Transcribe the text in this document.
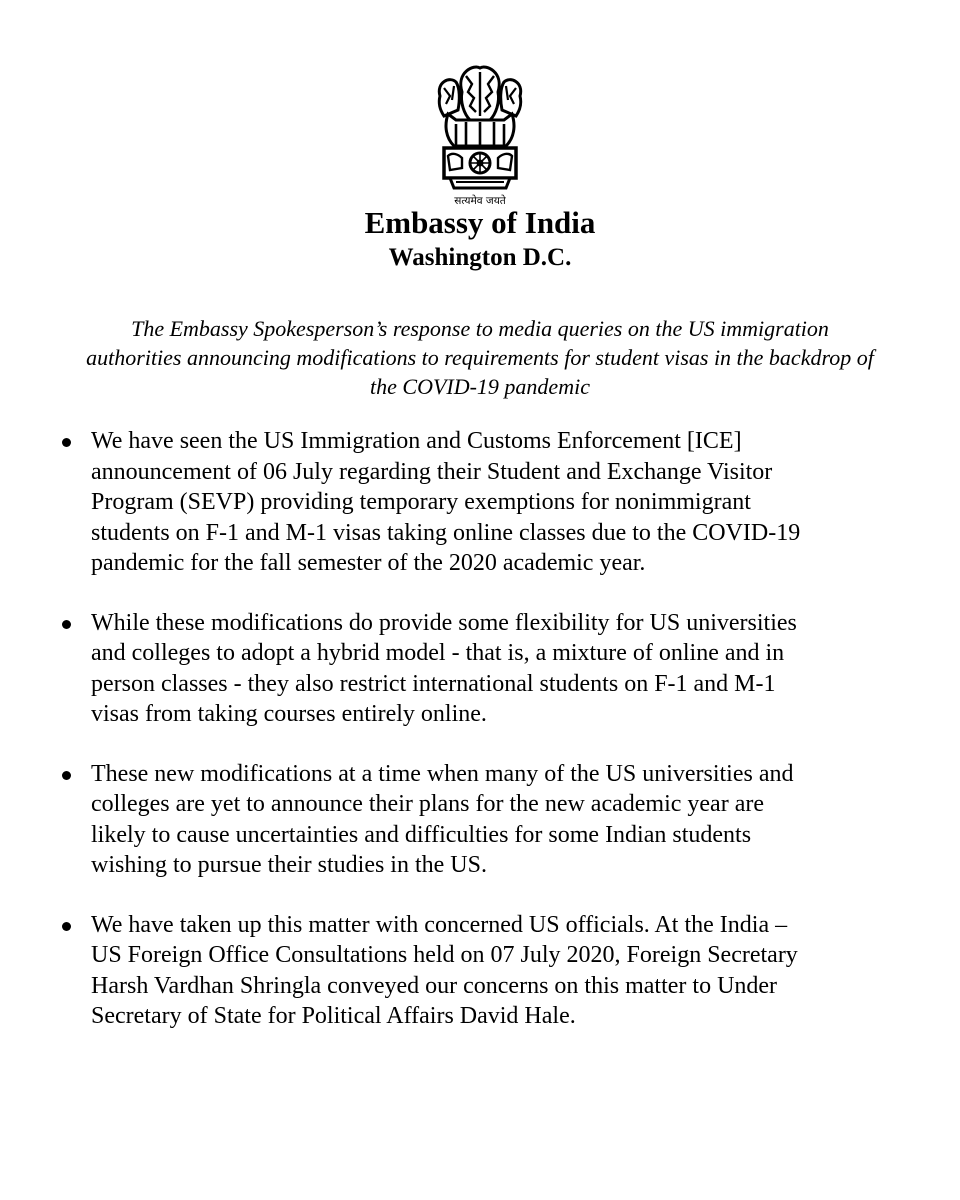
सत्यमेव जयते
Embassy of India
Washington D.C.
The Embassy Spokesperson’s response to media queries on the US immigration
authorities announcing modifications to requirements for student visas in the backdrop of
the COVID-19 pandemic
We have seen the US Immigration and Customs Enforcement [ICE]
announcement of 06 July regarding their Student and Exchange Visitor
Program (SEVP) providing temporary exemptions for nonimmigrant
students on F-1 and M-1 visas taking online classes due to the COVID-19
pandemic for the fall semester of the 2020 academic year.
While these modifications do provide some flexibility for US universities
and colleges to adopt a hybrid model - that is, a mixture of online and in
person classes - they also restrict international students on F-1 and M-1
visas from taking courses entirely online.
These new modifications at a time when many of the US universities and
colleges are yet to announce their plans for the new academic year are
likely to cause uncertainties and difficulties for some Indian students
wishing to pursue their studies in the US.
We have taken up this matter with concerned US officials. At the India –
US Foreign Office Consultations held on 07 July 2020, Foreign Secretary
Harsh Vardhan Shringla conveyed our concerns on this matter to Under
Secretary of State for Political Affairs David Hale.
